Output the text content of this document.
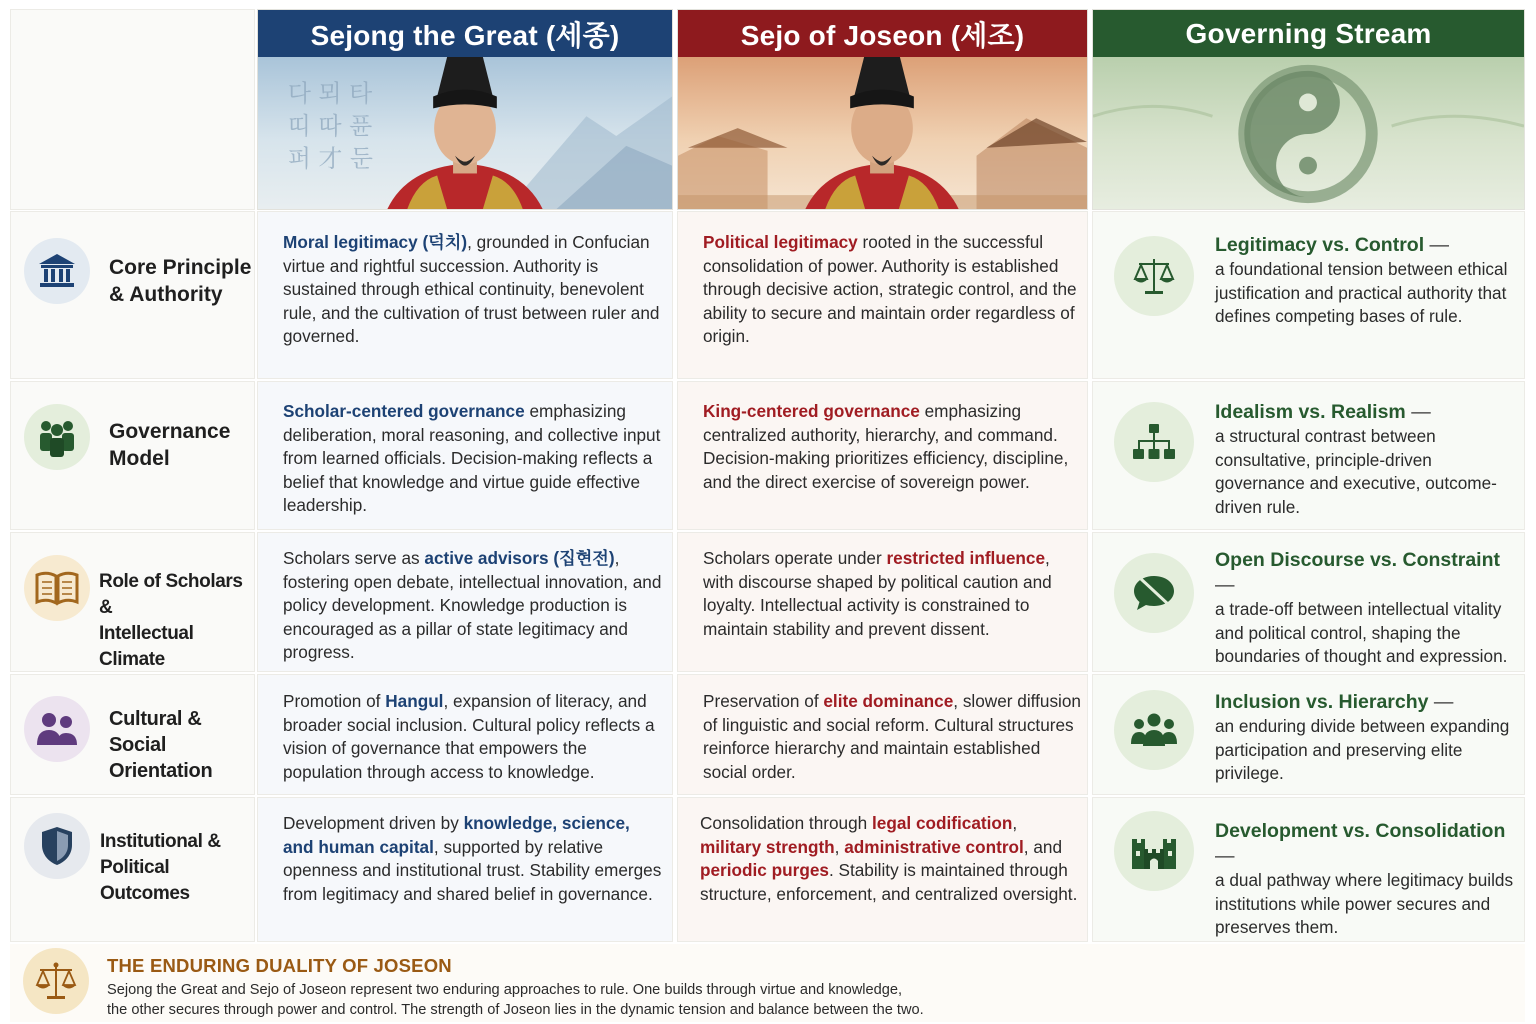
Sejong the Great (세종)
다 뫼 타
띠 따 퓬
퍼 才 둔
Sejo of Joseon (세조)	Governing Stream
Core Principle
& Authority
Moral legitimacy (덕치), grounded in Confucian virtue and rightful succession. Authority is sustained through ethical continuity, benevolent rule, and the cultivation of trust between ruler and governed.
Political legitimacy rooted in the successful consolidation of power. Authority is established through decisive action, strategic control, and the ability to secure and maintain order regardless of origin.
Legitimacy vs. Control —
a foundational tension between ethical justification and practical authority that defines competing bases of rule.
Governance
Model
Scholar-centered governance emphasizing deliberation, moral reasoning, and collective input from learned officials. Decision-making reflects a belief that knowledge and virtue guide effective leadership.
King-centered governance emphasizing centralized authority, hierarchy, and command. Decision-making prioritizes efficiency, discipline, and the direct exercise of sovereign power.
Idealism vs. Realism —
a structural contrast between consultative, principle-driven governance and executive, outcome-driven rule.
Role of Scholars &
Intellectual Climate
Scholars serve as active advisors (집현전), fostering open debate, intellectual innovation, and policy development. Knowledge production is encouraged as a pillar of state legitimacy and progress.
Scholars operate under restricted influence, with discourse shaped by political caution and loyalty. Intellectual activity is constrained to maintain stability and prevent dissent.
Open Discourse vs. Constraint —
a trade-off between intellectual vitality and political control, shaping the boundaries of thought and expression.
Cultural &
Social Orientation
Promotion of Hangul, expansion of literacy, and broader social inclusion. Cultural policy reflects a vision of governance that empowers the population through access to knowledge.
Preservation of elite dominance, slower diffusion of linguistic and social reform. Cultural structures reinforce hierarchy and maintain established social order.
Inclusion vs. Hierarchy —
an enduring divide between expanding participation and preserving elite privilege.
Institutional &
Political Outcomes
Development driven by knowledge, science, and human capital, supported by relative openness and institutional trust. Stability emerges from legitimacy and shared belief in governance.
Consolidation through legal codification, military strength, administrative control, and periodic purges. Stability is maintained through structure, enforcement, and centralized oversight.
Development vs. Consolidation —
a dual pathway where legitimacy builds institutions while power secures and preserves them.
THE ENDURING DUALITY OF JOSEON
Sejong the Great and Sejo of Joseon represent two enduring approaches to rule. One builds through virtue and knowledge,
the other secures through power and control. The strength of Joseon lies in the dynamic tension and balance between the two.
